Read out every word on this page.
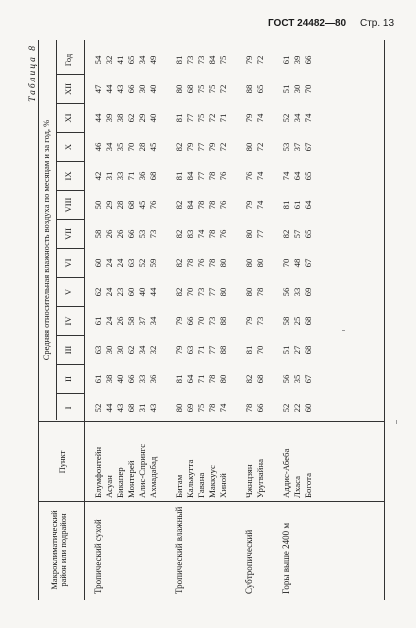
ГОСТ 24482—80 Стр. 13
Таблица 8
Средняя относительная влажность воздуха по месяцам и за год, %
Макроклиматический район или подрайон
Пункт
I
II
III
IV
V
VI
VII
VIII
IX
X
XI
XII
Год
Тропический сухой
Блумфонтейн
52
61
63
61
62
60
58
50
42
46
44
47
54
Асуан
44
38
30
24
24
24
26
29
31
34
39
44
32
Бикапер
43
40
30
26
23
24
26
28
33
35
38
43
41
Монтерей
68
66
62
58
60
63
66
68
71
70
62
66
65
Алис-Спрингс
31
33
34
37
40
52
53
45
36
28
29
30
34
Ахмадабад
43
36
32
34
44
59
73
76
68
45
40
40
49
Тропический влажный
Битам
80
81
79
79
82
82
82
82
81
82
81
80
81
Калькутта
69
64
63
66
70
78
83
84
84
79
77
68
73
Гавана
75
71
71
70
73
76
74
78
77
77
75
75
73
Маккуус
78
78
77
73
77
78
78
78
78
79
72
75
84
Хиной
74
80
88
88
80
80
76
76
76
72
71
72
75
Субтропический
Чжнцзян
78
82
81
79
80
80
80
79
76
80
79
88
79
Уругвайна
66
68
70
73
78
80
77
74
74
72
74
65
72
Горы выше 2400 м
Аддис-Абеба
52
56
51
58
56
70
82
81
74
53
52
51
61
Лхаса
22
35
27
25
33
48
57
61
64
37
34
30
39
Богота
60
67
68
68
69
67
65
64
65
67
74
70
66
